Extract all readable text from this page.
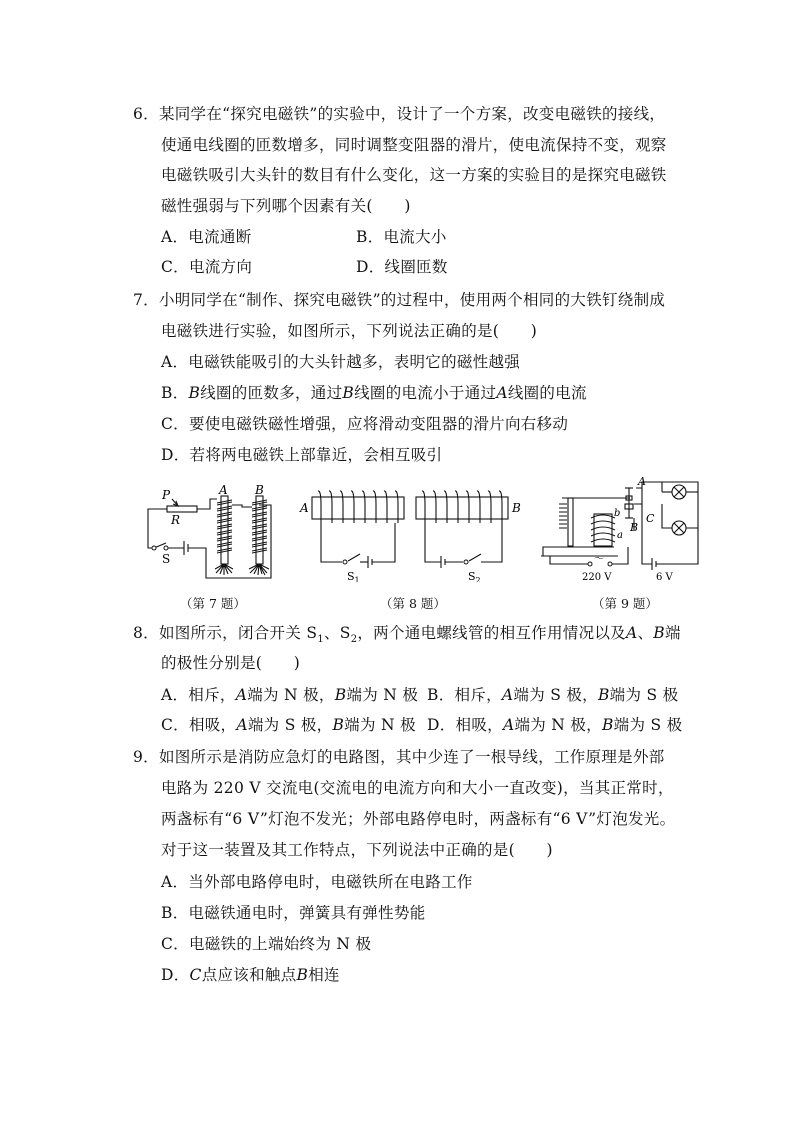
6．某同学在“探究电磁铁”的实验中，设计了一个方案，改变电磁铁的接线，
使通电线圈的匝数增多，同时调整变阻器的滑片，使电流保持不变，观察
电磁铁吸引大头针的数目有什么变化，这一方案的实验目的是探究电磁铁
磁性强弱与下列哪个因素有关(　　)
A．电流通断	B．电流大小
C．电流方向	D．线圈匝数
7．小明同学在“制作、探究电磁铁”的过程中，使用两个相同的大铁钉绕制成
电磁铁进行实验，如图所示，下列说法正确的是(　　)
A．电磁铁能吸引的大头针越多，表明它的磁性越强
B．B线圈的匝数多，通过B线圈的电流小于通过A线圈的电流
C．要使电磁铁磁性增强，应将滑动变阻器的滑片向右移动
D．若将两电磁铁上部靠近，会相互吸引
P
R
S
A B
A	B
$S_1$	$S_2$
A
B
C
b
a
～
220 V	6 V
（第 7 题）	（第 8 题）	（第 9 题）
8．如图所示，闭合开关 $S_1$、$S_2$，两个通电螺线管的相互作用情况以及A、B端
的极性分别是(　　)
A．相斥，A端为 N 极，B端为 N 极 B．相斥，A端为 S 极，B端为 S 极
C．相吸，A端为 S 极，B端为 N 极 D．相吸，A端为 N 极，B端为 S 极
9．如图所示是消防应急灯的电路图，其中少连了一根导线，工作原理是外部
电路为 220 V 交流电(交流电的电流方向和大小一直改变)，当其正常时，
两盏标有“6 V”灯泡不发光；外部电路停电时，两盏标有“6 V”灯泡发光。
对于这一装置及其工作特点，下列说法中正确的是(　　)
A．当外部电路停电时，电磁铁所在电路工作
B．电磁铁通电时，弹簧具有弹性势能
C．电磁铁的上端始终为 N 极
D．C点应该和触点B相连
